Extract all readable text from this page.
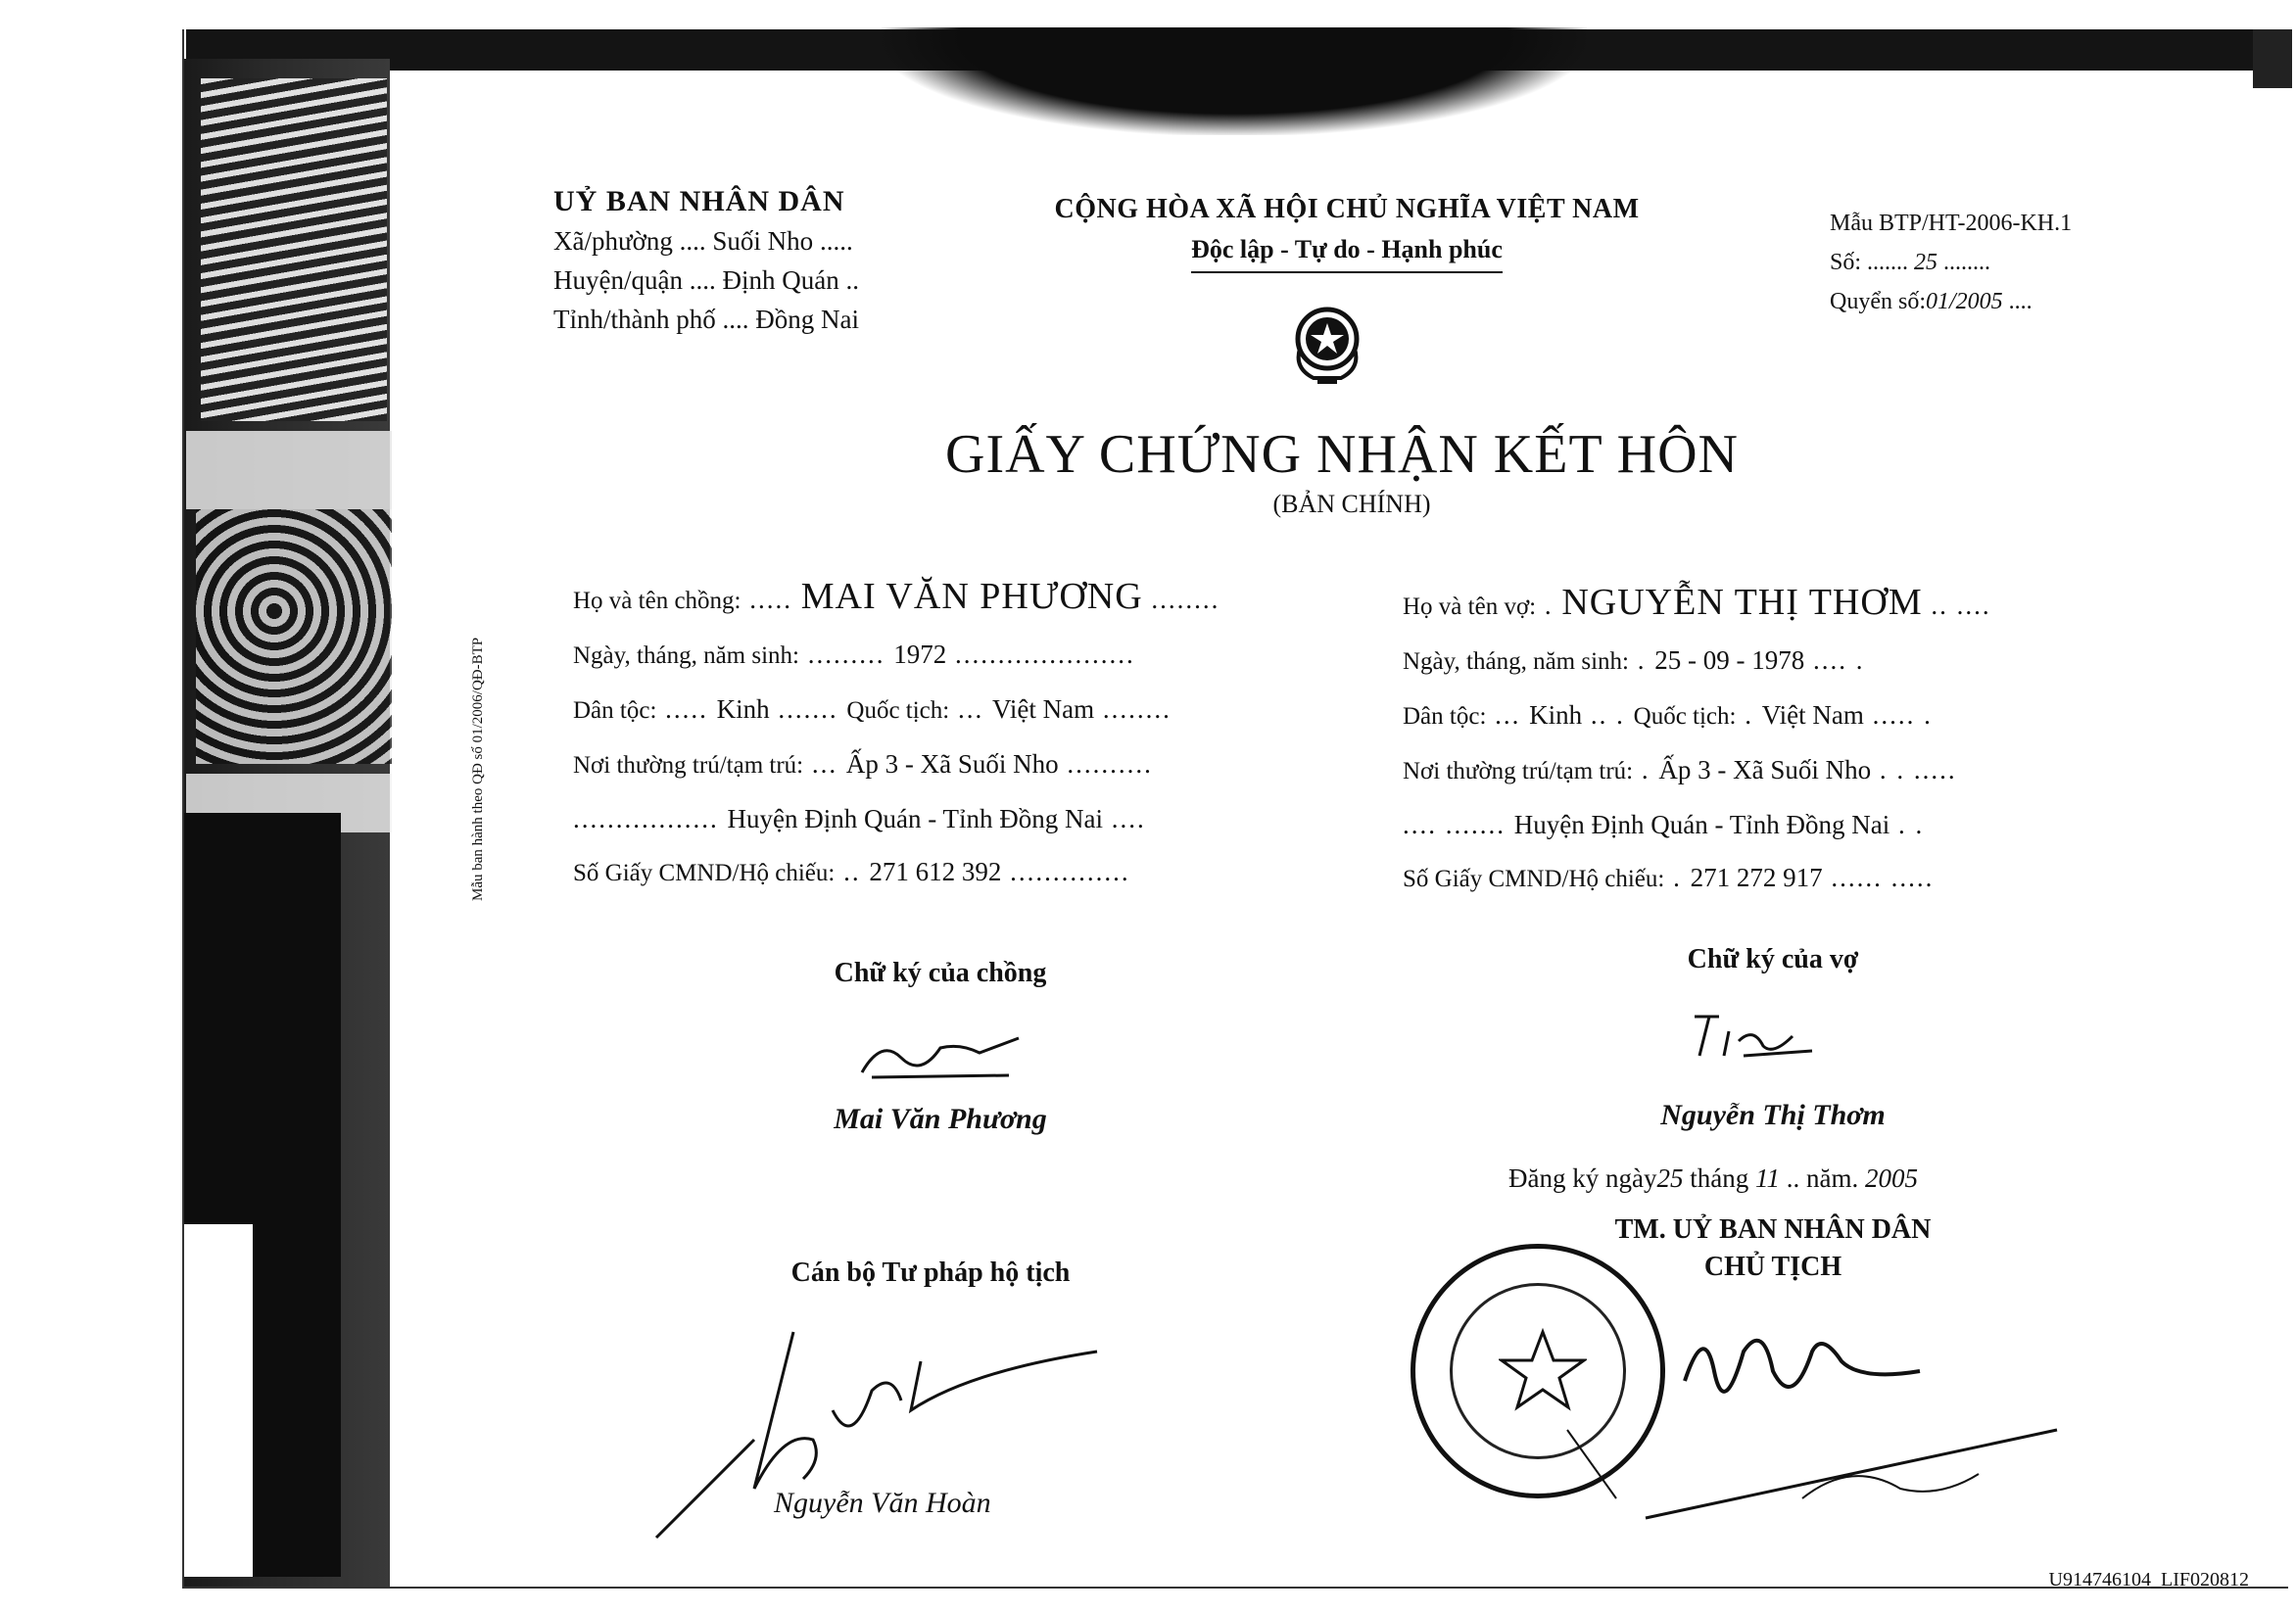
Mẫu ban hành theo QĐ số 01/2006/QĐ-BTP
UỶ BAN NHÂN DÂN
Xã/phường .... Suối Nho .....
Huyện/quận .... Định Quán ..
Tỉnh/thành phố .... Đồng Nai
CỘNG HÒA XÃ HỘI CHỦ NGHĨA VIỆT NAM
Độc lập - Tự do - Hạnh phúc
Mẫu BTP/HT-2006-KH.1
Số: ....... 25 ........
Quyển số:01/2005 ....
GIẤY CHỨNG NHẬN KẾT HÔN
(BẢN CHÍNH)
Họ và tên chồng: ..... MAI VĂN PHƯƠNG ........
Ngày, tháng, năm sinh: ......... 1972 .....................
Dân tộc: ..... Kinh ....... Quốc tịch: ... Việt Nam ........
Nơi thường trú/tạm trú: ... Ấp 3 - Xã Suối Nho ..........
................. Huyện Định Quán - Tỉnh Đồng Nai ....
Số Giấy CMND/Hộ chiếu: .. 271 612 392 ..............
Họ và tên vợ: . NGUYỄN THỊ THƠM .. ....
Ngày, tháng, năm sinh: . 25 - 09 - 1978 .... .
Dân tộc: ... Kinh .. . Quốc tịch: . Việt Nam ..... .
Nơi thường trú/tạm trú: . Ấp 3 - Xã Suối Nho . . .....
.... ....... Huyện Định Quán - Tỉnh Đồng Nai . .
Số Giấy CMND/Hộ chiếu: . 271 272 917 ...... .....
Chữ ký của chồng
Mai Văn Phương
Chữ ký của vợ
Nguyễn Thị Thơm
Đăng ký ngày25 tháng 11 .. năm. 2005
TM. UỶ BAN NHÂN DÂN
CHỦ TỊCH
Cán bộ Tư pháp hộ tịch
Nguyễn Văn Hoàn
U914746104_LIF020812
